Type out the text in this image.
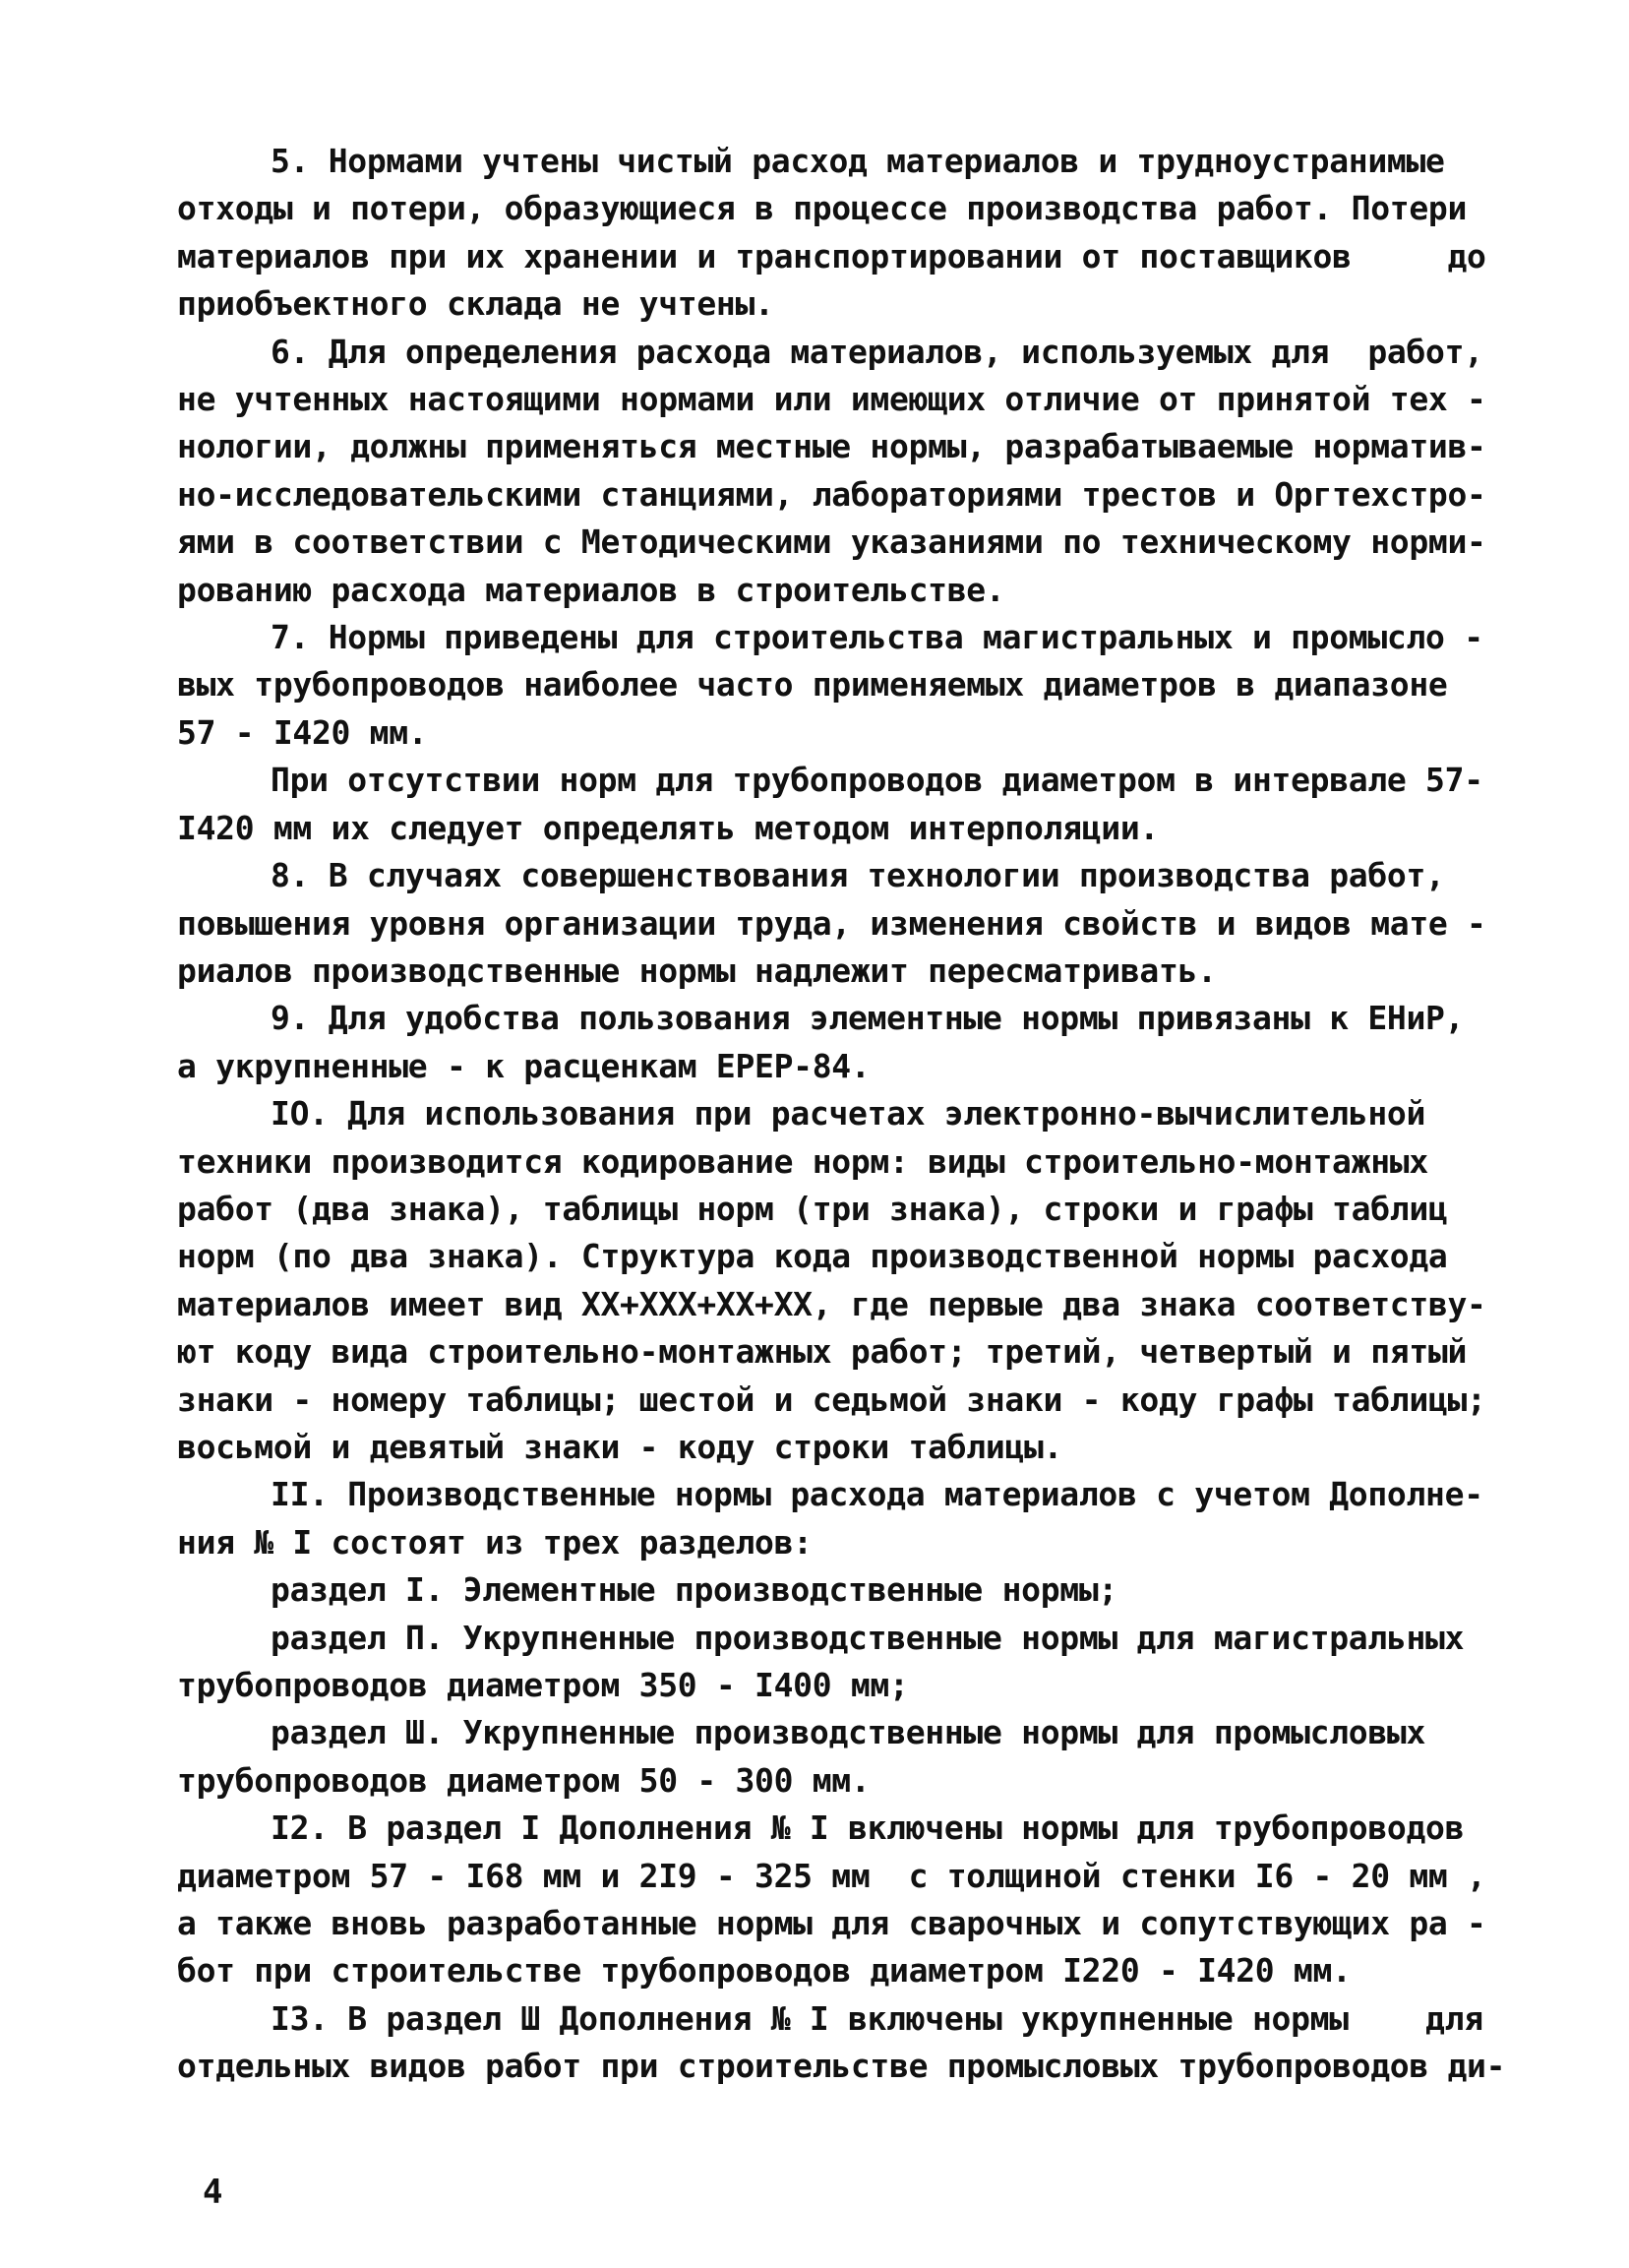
5. Нормами учтены чистый расход материалов и трудноустранимые
отходы и потери, образующиеся в процессе производства работ. Потери
материалов при их хранении и транспортировании от поставщиков     до
приобъектного склада не учтены.
6. Для определения расхода материалов, используемых для  работ,
не учтенных настоящими нормами или имеющих отличие от принятой тех -
нологии, должны применяться местные нормы, разрабатываемые норматив-
но-исследовательскими станциями, лабораториями трестов и Оргтехстро-
ями в соответствии с Методическими указаниями по техническому норми-
рованию расхода материалов в строительстве.
7. Нормы приведены для строительства магистральных и промысло -
вых трубопроводов наиболее часто применяемых диаметров в диапазоне
57 - I420 мм.
При отсутствии норм для трубопроводов диаметром в интервале 57-
I420 мм их следует определять методом интерполяции.
8. В случаях совершенствования технологии производства работ,
повышения уровня организации труда, изменения свойств и видов мате -
риалов производственные нормы надлежит пересматривать.
9. Для удобства пользования элементные нормы привязаны к ЕНиР,
а укрупненные - к расценкам ЕРЕР-84.
IO. Для использования при расчетах электронно-вычислительной
техники производится кодирование норм: виды строительно-монтажных
работ (два знака), таблицы норм (три знака), строки и графы таблиц
норм (по два знака). Структура кода производственной нормы расхода
материалов имеет вид ХХ+ХХХ+ХХ+ХХ, где первые два знака соответству-
ют коду вида строительно-монтажных работ; третий, четвертый и пятый
знаки - номеру таблицы; шестой и седьмой знаки - коду графы таблицы;
восьмой и девятый знаки - коду строки таблицы.
II. Производственные нормы расхода материалов с учетом Дополне-
ния № I состоят из трех разделов:
раздел I. Элементные производственные нормы;
раздел П. Укрупненные производственные нормы для магистральных
трубопроводов диаметром 350 - I400 мм;
раздел Ш. Укрупненные производственные нормы для промысловых
трубопроводов диаметром 50 - 300 мм.
I2. В раздел I Дополнения № I включены нормы для трубопроводов
диаметром 57 - I68 мм и 2I9 - 325 мм  с толщиной стенки I6 - 20 мм ,
а также вновь разработанные нормы для сварочных и сопутствующих ра -
бот при строительстве трубопроводов диаметром I220 - I420 мм.
I3. В раздел Ш Дополнения № I включены укрупненные нормы    для
отдельных видов работ при строительстве промысловых трубопроводов ди-
4
